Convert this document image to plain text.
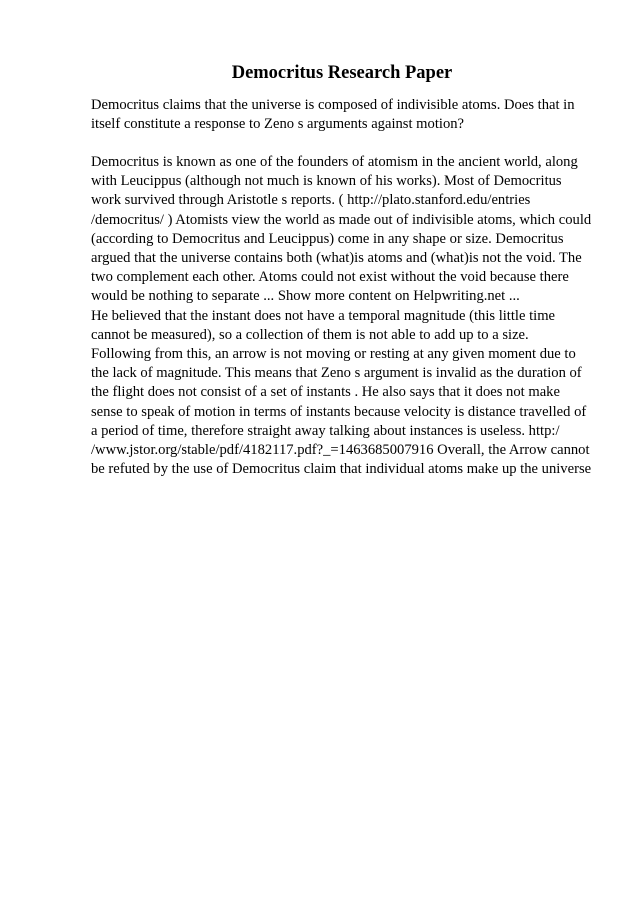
Democritus Research Paper

Democritus claims that the universe is composed of indivisible atoms. Does that in
itself constitute a response to Zeno s arguments against motion?

Democritus is known as one of the founders of atomism in the ancient world, along
with Leucippus (although not much is known of his works). Most of Democritus
work survived through Aristotle s reports. ( http://plato.stanford.edu/entries
/democritus/ ) Atomists view the world as made out of indivisible atoms, which could
(according to Democritus and Leucippus) come in any shape or size. Democritus
argued that the universe contains both (what)is atoms and (what)is not the void. The
two complement each other. Atoms could not exist without the void because there
would be nothing to separate ... Show more content on Helpwriting.net ...
He believed that the instant does not have a temporal magnitude (this little time
cannot be measured), so a collection of them is not able to add up to a size.
Following from this, an arrow is not moving or resting at any given moment due to
the lack of magnitude. This means that Zeno s argument is invalid as the duration of
the flight does not consist of a set of instants . He also says that it does not make
sense to speak of motion in terms of instants because velocity is distance travelled of
a period of time, therefore straight away talking about instances is useless. http:/
/www.jstor.org/stable/pdf/4182117.pdf?_=1463685007916 Overall, the Arrow cannot
be refuted by the use of Democritus claim that individual atoms make up the universe
